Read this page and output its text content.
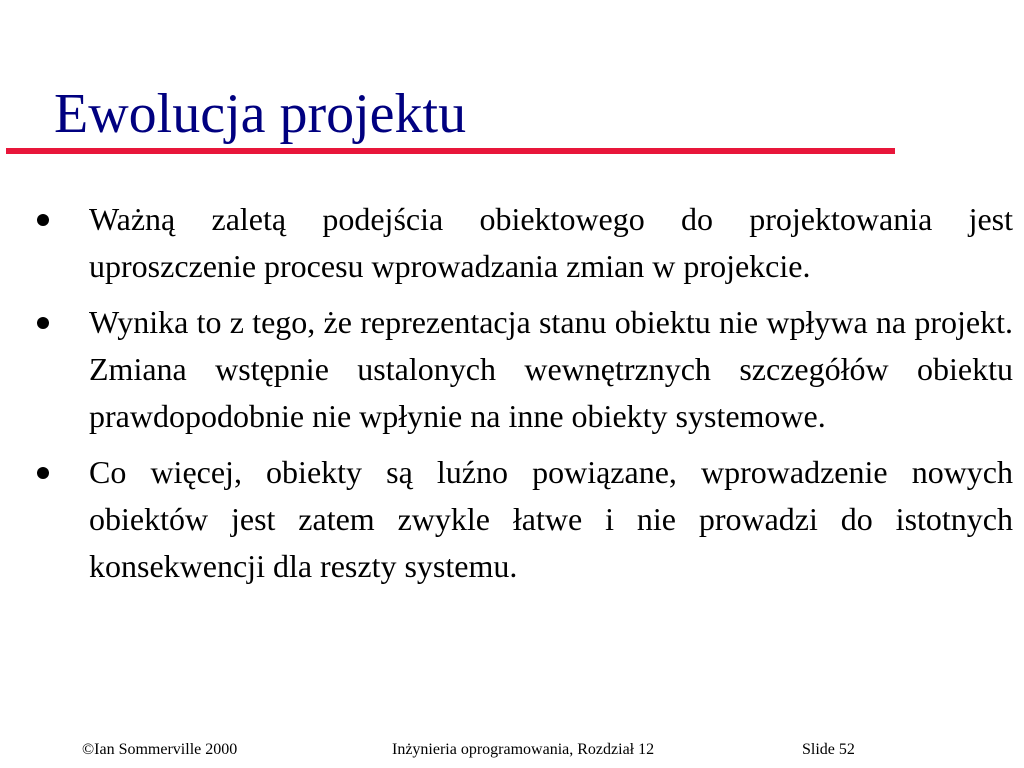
Ewolucja projektu
Ważną zaletą podejścia obiektowego do projektowania jest uproszczenie procesu wprowadzania zmian w projekcie.
Wynika to z tego, że reprezentacja stanu obiektu nie wpływa na projekt. Zmiana wstępnie ustalonych wewnętrznych szczegółów obiektu prawdopodobnie nie wpłynie na inne obiekty systemowe.
Co więcej, obiekty są luźno powiązane, wprowadzenie nowych obiektów jest zatem zwykle łatwe i nie prowadzi do istotnych konsekwencji dla reszty systemu.
©Ian Sommerville 2000	Inżynieria oprogramowania, Rozdział 12	Slide 52
